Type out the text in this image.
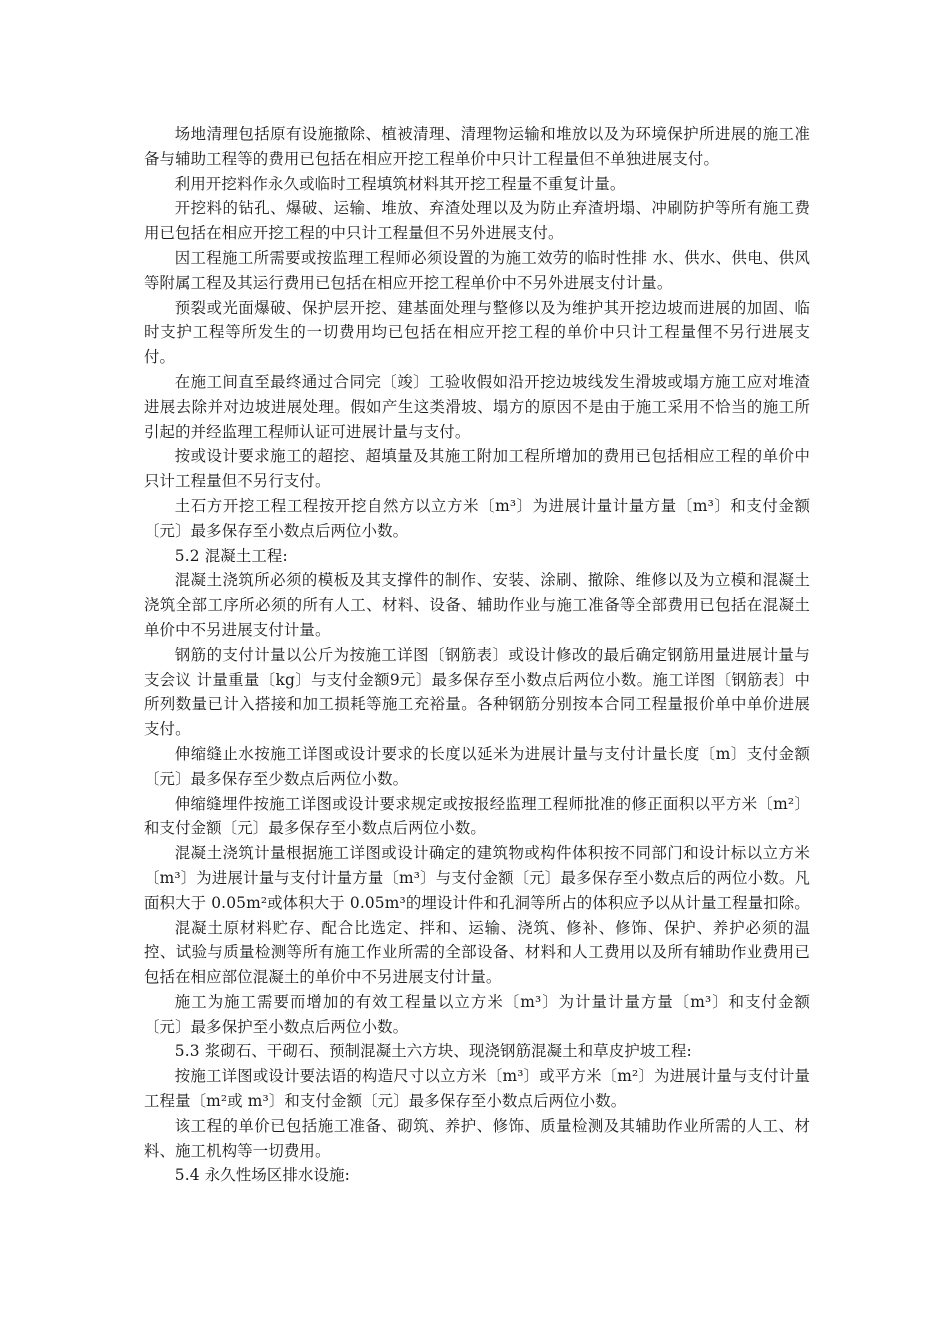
场地清理包括原有设施撤除、植被清理、清理物运输和堆放以及为环境保护所进展的施工准备与辅助工程等的费用已包括在相应开挖工程单价中只计工程量但不单独进展支付。

利用开挖料作永久或临时工程填筑材料其开挖工程量不重复计量。

开挖料的钻孔、爆破、运输、堆放、弃渣处理以及为防止弃渣坍塌、冲刷防护等所有施工费用已包括在相应开挖工程的中只计工程量但不另外进展支付。

因工程施工所需要或按监理工程师必须设置的为施工效劳的临时性排 水、供水、供电、供风等附属工程及其运行费用已包括在相应开挖工程单价中不另外进展支付计量。

预裂或光面爆破、保护层开挖、建基面处理与整修以及为维护其开挖边坡而进展的加固、临时支护工程等所发生的一切费用均已包括在相应开挖工程的单价中只计工程量俚不另行进展支付。

在施工间直至最终通过合同完〔竣〕工验收假如沿开挖边坡线发生滑坡或塌方施工应对堆渣进展去除并对边坡进展处理。假如产生这类滑坡、塌方的原因不是由于施工采用不恰当的施工所引起的并经监理工程师认证可进展计量与支付。

按或设计要求施工的超挖、超填量及其施工附加工程所增加的费用已包括相应工程的单价中只计工程量但不另行支付。

土石方开挖工程工程按开挖自然方以立方米〔m³〕为进展计量计量方量〔m³〕和支付金额〔元〕最多保存至小数点后两位小数。

5.2 混凝土工程:

混凝土浇筑所必须的模板及其支撑件的制作、安装、涂刷、撤除、维修以及为立模和混凝土浇筑全部工序所必须的所有人工、材料、设备、辅助作业与施工准备等全部费用已包括在混凝土单价中不另进展支付计量。

钢筋的支付计量以公斤为按施工详图〔钢筋表〕或设计修改的最后确定钢筋用量进展计量与支会议 计量重量〔kg〕与支付金额9元〕最多保存至小数点后两位小数。施工详图〔钢筋表〕中所列数量已计入搭接和加工损耗等施工充裕量。各种钢筋分别按本合同工程量报价单中单价进展支付。

伸缩缝止水按施工详图或设计要求的长度以延米为进展计量与支付计量长度〔m〕支付金额〔元〕最多保存至少数点后两位小数。

伸缩缝埋件按施工详图或设计要求规定或按报经监理工程师批准的修正面积以平方米〔m²〕和支付金额〔元〕最多保存至小数点后两位小数。

混凝土浇筑计量根据施工详图或设计确定的建筑物或构件体积按不同部门和设计标以立方米〔m³〕为进展计量与支付计量方量〔m³〕与支付金额〔元〕最多保存至小数点后的两位小数。凡面积大于 0.05m²或体积大于 0.05m³的埋设计件和孔洞等所占的体积应予以从计量工程量扣除。

混凝土原材料贮存、配合比选定、拌和、运输、浇筑、修补、修饰、保护、养护必须的温控、试验与质量检测等所有施工作业所需的全部设备、材料和人工费用以及所有辅助作业费用已包括在相应部位混凝土的单价中不另进展支付计量。

施工为施工需要而增加的有效工程量以立方米〔m³〕为计量计量方量〔m³〕和支付金额〔元〕最多保护至小数点后两位小数。

5.3 浆砌石、干砌石、预制混凝土六方块、现浇钢筋混凝土和草皮护坡工程:

按施工详图或设计要法语的构造尺寸以立方米〔m³〕或平方米〔m²〕为进展计量与支付计量工程量〔m²或 m³〕和支付金额〔元〕最多保存至小数点后两位小数。

该工程的单价已包括施工准备、砌筑、养护、修饰、质量检测及其辅助作业所需的人工、材料、施工机构等一切费用。

5.4 永久性场区排水设施:
